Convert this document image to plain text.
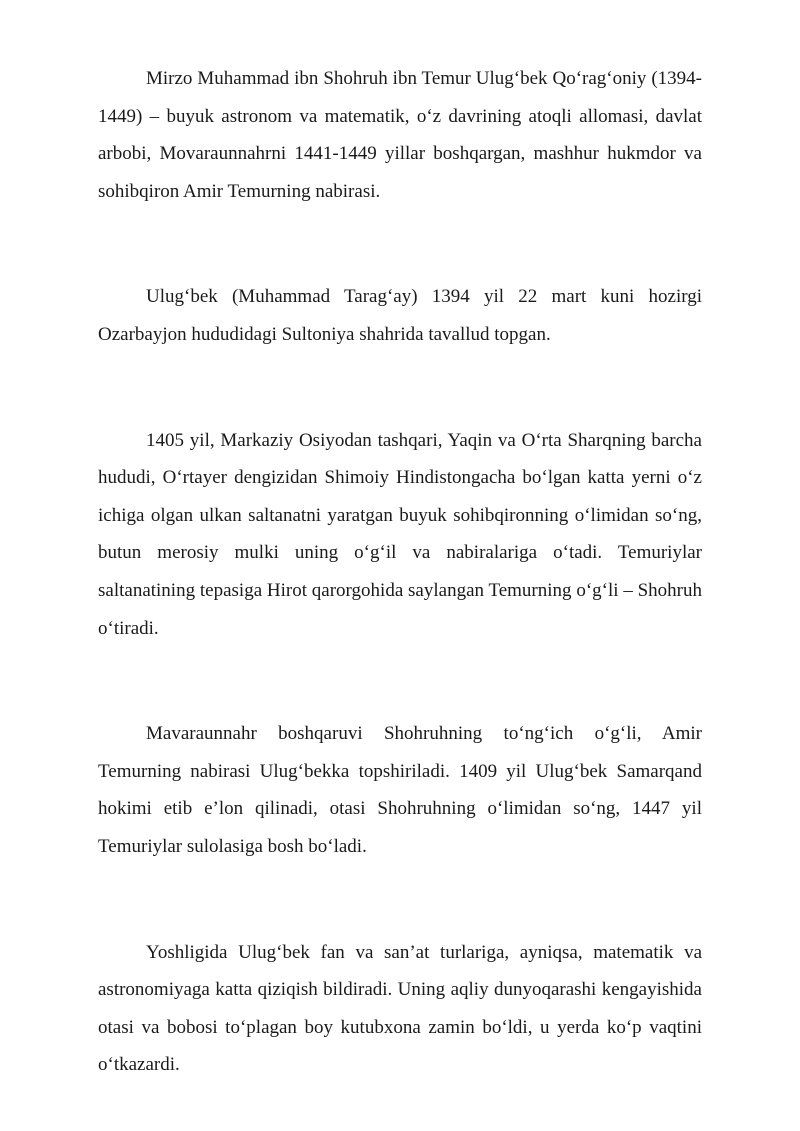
Mirzo Muhammad ibn Shohruh ibn Temur Ulug‘bek Qo‘rag‘oniy (1394-1449) – buyuk astronom va matematik, o‘z davrining atoqli allomasi, davlat arbobi, Movaraunnahrni 1441-1449 yillar boshqargan, mashhur hukmdor va sohibqiron Amir Temurning nabirasi.

Ulug‘bek (Muhammad Tarag‘ay) 1394 yil 22 mart kuni hozirgi Ozarbayjon hududidagi Sultoniya shahrida tavallud topgan.

1405 yil, Markaziy Osiyodan tashqari, Yaqin va O‘rta Sharqning barcha hududi, O‘rtayer dengizidan Shimoiy Hindistongacha bo‘lgan katta yerni o‘z ichiga olgan ulkan saltanatni yaratgan buyuk sohibqironning o‘limidan so‘ng, butun merosiy mulki uning o‘g‘il va nabiralariga o‘tadi. Temuriylar saltanatining tepasiga Hirot qarorgohida saylangan Temurning o‘g‘li – Shohruh o‘tiradi.

Mavaraunnahr boshqaruvi Shohruhning to‘ng‘ich o‘g‘li, Amir Temurning nabirasi Ulug‘bekka topshiriladi. 1409 yil Ulug‘bek Samarqand hokimi etib e’lon qilinadi, otasi Shohruhning o‘limidan so‘ng, 1447 yil Temuriylar sulolasiga bosh bo‘ladi.

Yoshligida Ulug‘bek fan va san’at turlariga, ayniqsa, matematik va astronomiyaga katta qiziqish bildiradi. Uning aqliy dunyoqarashi kengayishida otasi va bobosi to‘plagan boy kutubxona zamin bo‘ldi, u yerda ko‘p vaqtini o‘tkazardi.
